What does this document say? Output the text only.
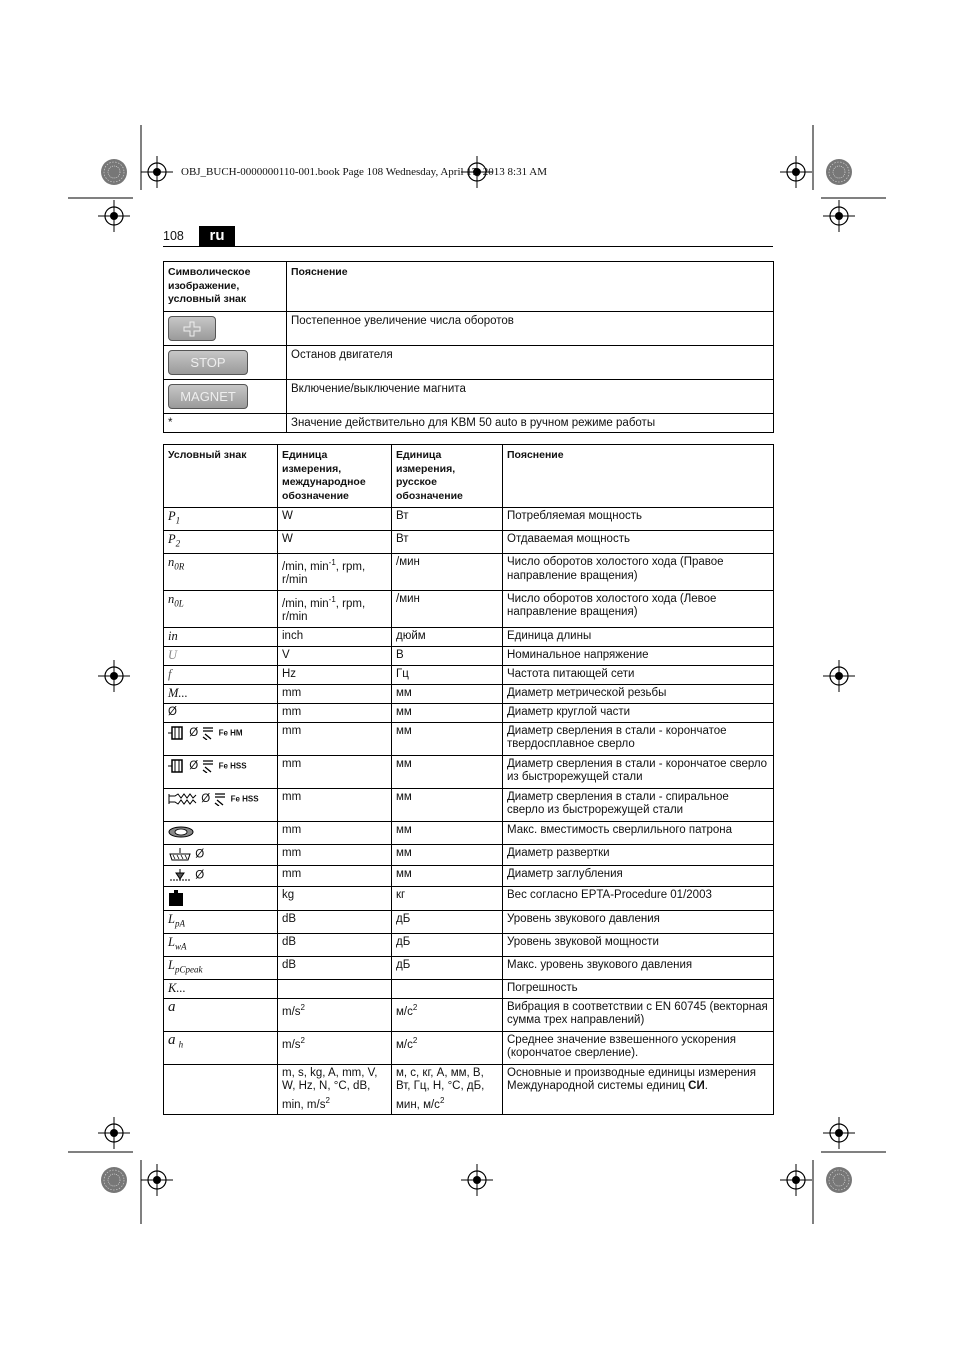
OBJ_BUCH-0000000110-001.book Page 108 Wednesday, April 17, 2013 8:31 AM
108	ru
Символическое изображение, условный знак	Пояснение
	Постепенное увеличение числа оборотов
STOP	Останов двигателя
MAGNET	Включение/выключение магнита
*	Значение действительно для KBM 50 auto в ручном режиме работы
Условный знак	Единица измерения, международное обозначение	Единица измерения, русское обозначение	Пояснение
$P_1$	W	Вт	Потребляемая мощность
$P_2$	W	Вт	Отдаваемая мощность
$n_{0R}$	/min, $\min^{-1}$, rpm, r/min	/мин	Число оборотов холостого хода (Правое направление вращения)
$n_{0L}$	/min, $\min^{-1}$, rpm, r/min	/мин	Число оборотов холостого хода (Левое направление вращения)
in	inch	дюйм	Единица длины
U	V	В	Номинальное напряжение
f	Hz	Гц	Частота питающей сети
M...	mm	мм	Диаметр метрической резьбы
Ø	mm	мм	Диаметр круглой части
Ø Fe HM	mm	мм	Диаметр сверления в стали - корончатое твердосплавное сверло
Ø Fe HSS	mm	мм	Диаметр сверления в стали - корончатое сверло из быстрорежущей стали
Ø Fe HSS	mm	мм	Диаметр сверления в стали - спиральное сверло из быстрорежущей стали
	mm	мм	Макс. вместимость сверлильного патрона
Ø	mm	мм	Диаметр развертки
Ø	mm	мм	Диаметр заглубления
	kg	кг	Вес согласно EPTA-Procedure 01/2003
$L_{pA}$	dB	дБ	Уровень звукового давления
$L_{wA}$	dB	дБ	Уровень звуковой мощности
$L_{pCpeak}$	dB	дБ	Макс. уровень звукового давления
K...			Погрешность
a	$m/s^2$	$м/с^2$	Вибрация в соответствии с EN 60745 (векторная сумма трех направлений)
a $_h$	$m/s^2$	$м/с^2$	Среднее значение взвешенного ускорения (корончатое сверление).
	m, s, kg, A, mm, V, W, Hz, N, °C, dB, min, $m/s^2$	м, с, кг, А, мм, В, Вт, Гц, Н, °C, дБ, мин, $м/с^2$	Основные и производные единицы измерения Международной системы единиц СИ.
